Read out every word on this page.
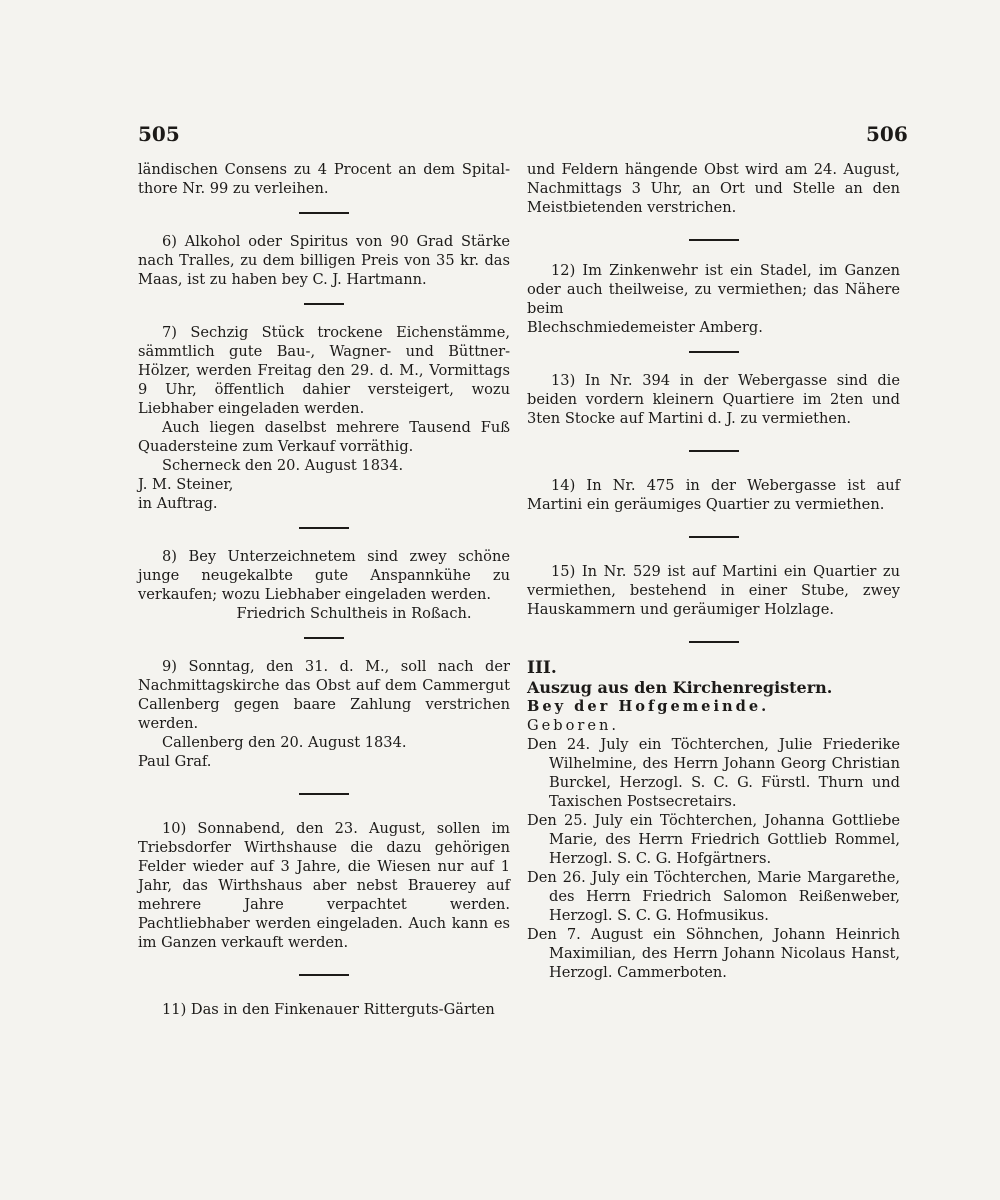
505	506

ländischen Consens zu 4 Procent an dem Spital-thore Nr. 99 zu verleihen.

6) Alkohol oder Spiritus von 90 Grad Stärke nach Tralles, zu dem billigen Preis von 35 kr. das Maas, ist zu haben bey C. J. Hartmann.

7) Sechzig Stück trockene Eichenstämme, sämmtlich gute Bau-, Wagner- und Büttner-Hölzer, werden Freitag den 29. d. M., Vormittags 9 Uhr, öffentlich dahier versteigert, wozu Liebhaber eingeladen werden.

Auch liegen daselbst mehrere Tausend Fuß Quadersteine zum Verkauf vorräthig.

Scherneck den 20. August 1834.

J. M. Steiner,

in Auftrag.

8) Bey Unterzeichnetem sind zwey schöne junge neugekalbte gute Anspannkühe zu verkaufen; wozu Liebhaber eingeladen werden.

Friedrich Schultheis in Roßach.

9) Sonntag, den 31. d. M., soll nach der Nachmittagskirche das Obst auf dem Cammergut Callenberg gegen baare Zahlung verstrichen werden.

Callenberg den 20. August 1834.

Paul Graf.

10) Sonnabend, den 23. August, sollen im Triebsdorfer Wirthshause die dazu gehörigen Felder wieder auf 3 Jahre, die Wiesen nur auf 1 Jahr, das Wirthshaus aber nebst Brauerey auf mehrere Jahre verpachtet werden. Pachtliebhaber werden eingeladen. Auch kann es im Ganzen verkauft werden.

11) Das in den Finkenauer Ritterguts-Gärten

und Feldern hängende Obst wird am 24. August, Nachmittags 3 Uhr, an Ort und Stelle an den Meistbietenden verstrichen.

12) Im Zinkenwehr ist ein Stadel, im Ganzen oder auch theilweise, zu vermiethen; das Nähere beim

Blechschmiedemeister Amberg.

13) In Nr. 394 in der Webergasse sind die beiden vordern kleinern Quartiere im 2ten und 3ten Stocke auf Martini d. J. zu vermiethen.

14) In Nr. 475 in der Webergasse ist auf Martini ein geräumiges Quartier zu vermiethen.

15) In Nr. 529 ist auf Martini ein Quartier zu vermiethen, bestehend in einer Stube, zwey Hauskammern und geräumiger Holzlage.

III.

Auszug aus den Kirchenregistern.

Bey der Hofgemeinde.

Geboren.

Den 24. July ein Töchterchen, Julie Friederike Wilhelmine, des Herrn Johann Georg Christian Burckel, Herzogl. S. C. G. Fürstl. Thurn und Taxischen Postsecretairs.

Den 25. July ein Töchterchen, Johanna Gottliebe Marie, des Herrn Friedrich Gottlieb Rommel, Herzogl. S. C. G. Hofgärtners.

Den 26. July ein Töchterchen, Marie Margarethe, des Herrn Friedrich Salomon Reißenweber, Herzogl. S. C. G. Hofmusikus.

Den 7. August ein Söhnchen, Johann Heinrich Maximilian, des Herrn Johann Nicolaus Hanst, Herzogl. Cammerboten.
